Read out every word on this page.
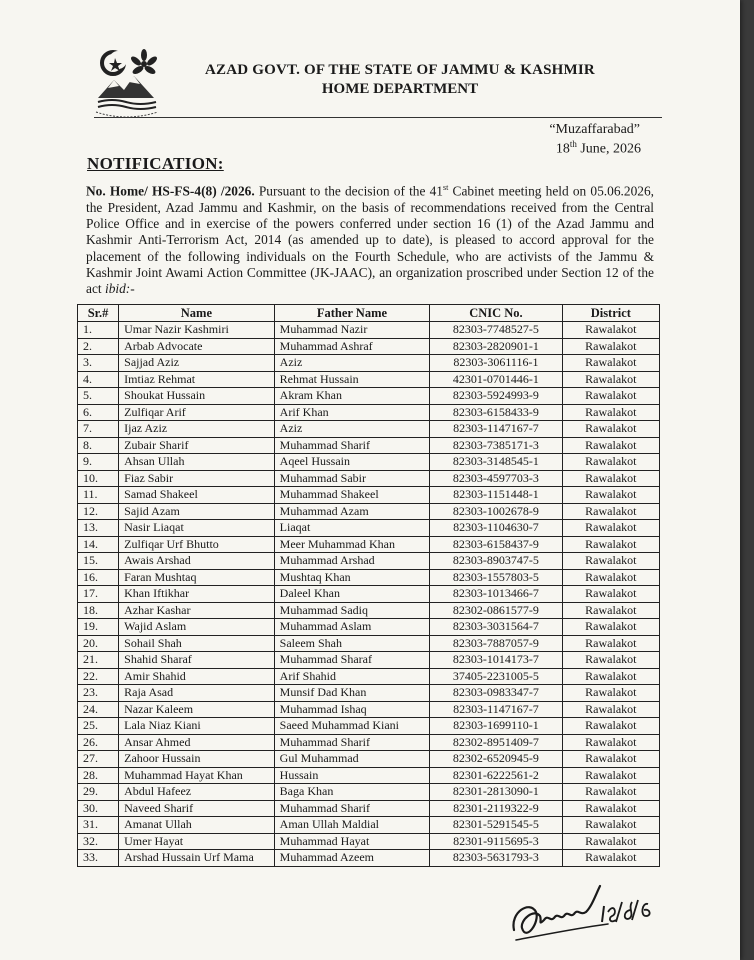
AZAD GOVT. OF THE STATE OF JAMMU & KASHMIR
HOME DEPARTMENT
“Muzaffarabad”
18th June, 2026
NOTIFICATION:
No. Home/ HS-FS-4(8) /2026. Pursuant to the decision of the 41st Cabinet meeting held on 05.06.2026, the President, Azad Jammu and Kashmir, on the basis of recommendations received from the Central Police Office and in exercise of the powers conferred under section 16 (1) of the Azad Jammu and Kashmir Anti-Terrorism Act, 2014 (as amended up to date), is pleased to accord approval for the placement of the following individuals on the Fourth Schedule, who are activists of the Jammu & Kashmir Joint Awami Action Committee (JK-JAAC), an organization proscribed under Section 12 of the act ibid:-
Sr.#	Name	Father Name	CNIC No.	District
1.	Umar Nazir Kashmiri	Muhammad Nazir	82303-7748527-5	Rawalakot
2.	Arbab Advocate	Muhammad Ashraf	82303-2820901-1	Rawalakot
3.	Sajjad Aziz	Aziz	82303-3061116-1	Rawalakot
4.	Imtiaz Rehmat	Rehmat Hussain	42301-0701446-1	Rawalakot
5.	Shoukat Hussain	Akram Khan	82303-5924993-9	Rawalakot
6.	Zulfiqar Arif	Arif Khan	82303-6158433-9	Rawalakot
7.	Ijaz Aziz	Aziz	82303-1147167-7	Rawalakot
8.	Zubair Sharif	Muhammad Sharif	82303-7385171-3	Rawalakot
9.	Ahsan Ullah	Aqeel Hussain	82303-3148545-1	Rawalakot
10.	Fiaz Sabir	Muhammad Sabir	82303-4597703-3	Rawalakot
11.	Samad Shakeel	Muhammad Shakeel	82303-1151448-1	Rawalakot
12.	Sajid Azam	Muhammad Azam	82303-1002678-9	Rawalakot
13.	Nasir Liaqat	Liaqat	82303-1104630-7	Rawalakot
14.	Zulfiqar Urf Bhutto	Meer Muhammad Khan	82303-6158437-9	Rawalakot
15.	Awais Arshad	Muhammad Arshad	82303-8903747-5	Rawalakot
16.	Faran Mushtaq	Mushtaq Khan	82303-1557803-5	Rawalakot
17.	Khan Iftikhar	Daleel Khan	82303-1013466-7	Rawalakot
18.	Azhar Kashar	Muhammad Sadiq	82302-0861577-9	Rawalakot
19.	Wajid Aslam	Muhammad Aslam	82303-3031564-7	Rawalakot
20.	Sohail Shah	Saleem Shah	82303-7887057-9	Rawalakot
21.	Shahid Sharaf	Muhammad Sharaf	82303-1014173-7	Rawalakot
22.	Amir Shahid	Arif Shahid	37405-2231005-5	Rawalakot
23.	Raja Asad	Munsif Dad Khan	82303-0983347-7	Rawalakot
24.	Nazar Kaleem	Muhammad Ishaq	82303-1147167-7	Rawalakot
25.	Lala Niaz Kiani	Saeed Muhammad Kiani	82303-1699110-1	Rawalakot
26.	Ansar Ahmed	Muhammad Sharif	82302-8951409-7	Rawalakot
27.	Zahoor Hussain	Gul Muhammad	82302-6520945-9	Rawalakot
28.	Muhammad Hayat Khan	Hussain	82301-6222561-2	Rawalakot
29.	Abdul Hafeez	Baga Khan	82301-2813090-1	Rawalakot
30.	Naveed Sharif	Muhammad Sharif	82301-2119322-9	Rawalakot
31.	Amanat Ullah	Aman Ullah Maldial	82301-5291545-5	Rawalakot
32.	Umer Hayat	Muhammad Hayat	82301-9115695-3	Rawalakot
33.	Arshad Hussain Urf Mama	Muhammad Azeem	82303-5631793-3	Rawalakot
